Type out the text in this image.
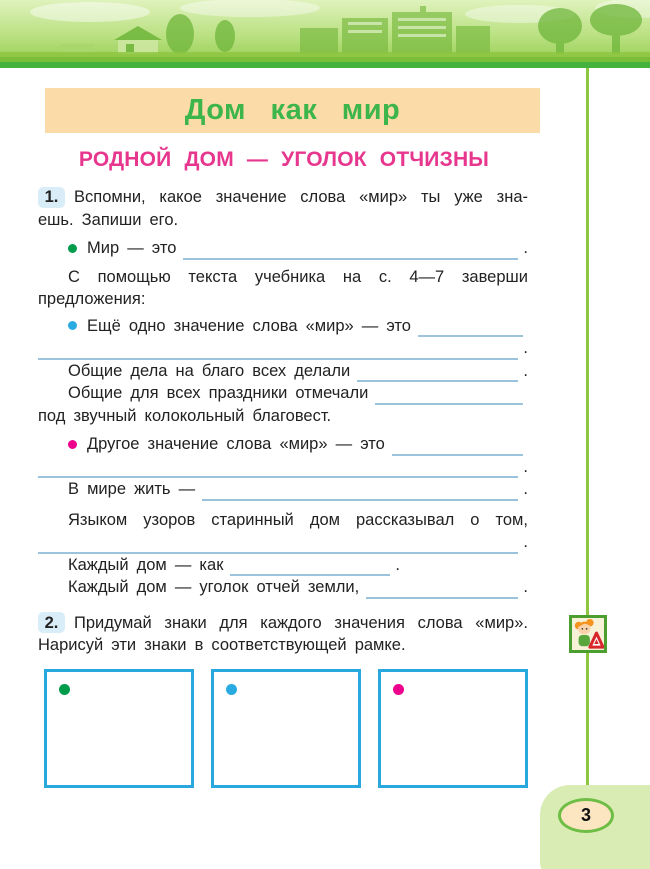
Дом как мир
РОДНОЙ ДОМ — УГОЛОК ОТЧИЗНЫ
1. Вспомни, какое значение слова «мир» ты уже зна-
ешь. Запиши его.
Мир — это	.
С помощью текста учебника на с. 4—7 заверши
предложения:
Ещё одно значение слова «мир» — это
.
Общие дела на благо всех делали	.
Общие для всех праздники отмечали
под звучный колокольный благовест.
Другое значение слова «мир» — это
.
В мире жить —	.
Языком узоров старинный дом рассказывал о том,
.
Каждый дом — как	.
Каждый дом — уголок отчей земли,	.
2. Придумай знаки для каждого значения слова «мир».
Нарисуй эти знаки в соответствующей рамке.
3
